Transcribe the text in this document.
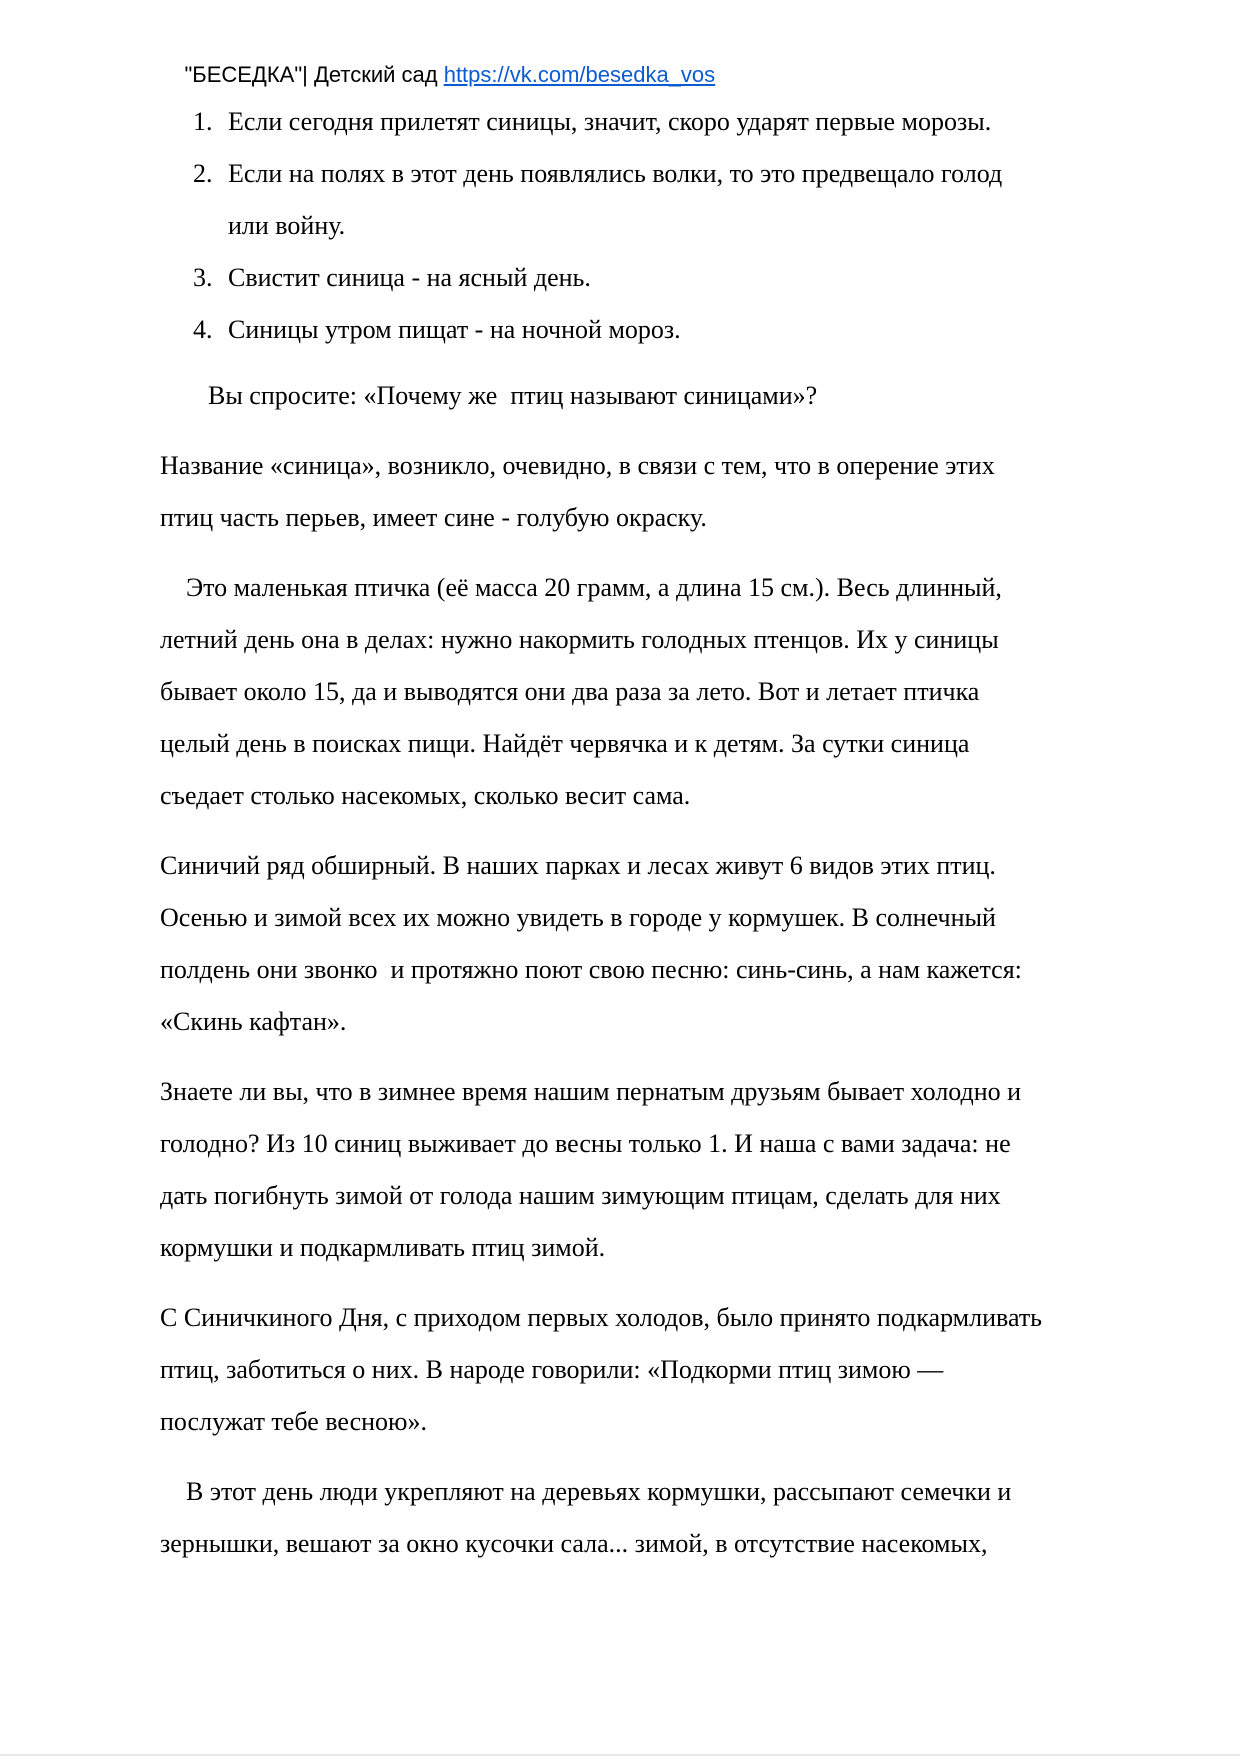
"БЕСЕДКА"| Детский сад https://vk.com/besedka_vos

1. Если сегодня прилетят синицы, значит, скоро ударят первые морозы.
2. Если на полях в этот день появлялись волки, то это предвещало голод или войну.
3. Свистит синица - на ясный день.
4. Синицы утром пищат - на ночной мороз.

Вы спросите: «Почему же  птиц называют синицами»?

Название «синица», возникло, очевидно, в связи с тем, что в оперение этих птиц часть перьев, имеет сине - голубую окраску.

Это маленькая птичка (её масса 20 грамм, а длина 15 см.). Весь длинный, летний день она в делах: нужно накормить голодных птенцов. Их у синицы бывает около 15, да и выводятся они два раза за лето. Вот и летает птичка целый день в поисках пищи. Найдёт червячка и к детям. За сутки синица съедает столько насекомых, сколько весит сама.

Синичий ряд обширный. В наших парках и лесах живут 6 видов этих птиц. Осенью и зимой всех их можно увидеть в городе у кормушек. В солнечный полдень они звонко  и протяжно поют свою песню: синь-синь, а нам кажется: «Скинь кафтан».

Знаете ли вы, что в зимнее время нашим пернатым друзьям бывает холодно и голодно? Из 10 синиц выживает до весны только 1. И наша с вами задача: не дать погибнуть зимой от голода нашим зимующим птицам, сделать для них кормушки и подкармливать птиц зимой.

С Синичкиного Дня, с приходом первых холодов, было принято подкармливать птиц, заботиться о них. В народе говорили: «Подкорми птиц зимою — послужат тебе весною».

В этот день люди укрепляют на деревьях кормушки, рассыпают семечки и зернышки, вешают за окно кусочки сала... зимой, в отсутствие насекомых,
